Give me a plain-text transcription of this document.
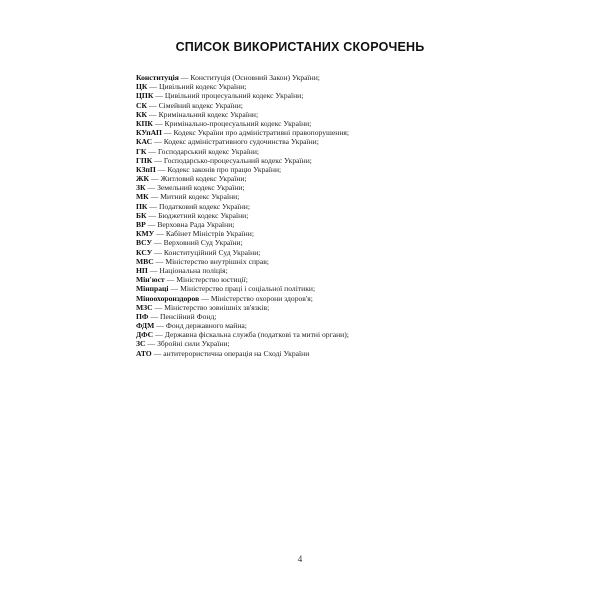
СПИСОК ВИКОРИСТАНИХ СКОРОЧЕНЬ
Конституція — Конституція (Основний Закон) України;
ЦК — Цивільний кодекс України;
ЦПК — Цивільний процесуальний кодекс України;
СК — Сімейний кодекс України;
КК — Кримінальний кодекс України;
КПК — Кримінально-процесуальний кодекс України;
КУпАП — Кодекс України про адміністративні правопорушення;
КАС — Кодекс адміністративного судочинства України;
ГК — Господарський кодекс України;
ГПК — Господарсько-процесуальний кодекс України;
КЗпП — Кодекс законів про працю України;
ЖК — Житловий кодекс України;
ЗК — Земельний кодекс України;
МК — Митний кодекс України;
ПК — Податковий кодекс України;
БК — Бюджетний кодекс України;
ВР — Верховна Рада України;
КМУ — Кабінет Міністрів України;
ВСУ — Верховний Суд України;
КСУ — Конституційний Суд України;
МВС — Міністерство внутрішніх справ;
НП — Національна поліція;
Мін'юст — Міністерство юстиції;
Мінпраці — Міністерство праці і соціальної політики;
Міноохоронздоров — Міністерство охорони здоров'я;
МЗС — Міністерство зовнішніх зв'язків;
ПФ — Пенсійний Фонд;
ФДМ — Фонд державного майна;
ДФС — Державна фіскальна служба (податкові та митні органи);
ЗС — Збройні сили України;
АТО — антитерористична операція на Сході України
4
